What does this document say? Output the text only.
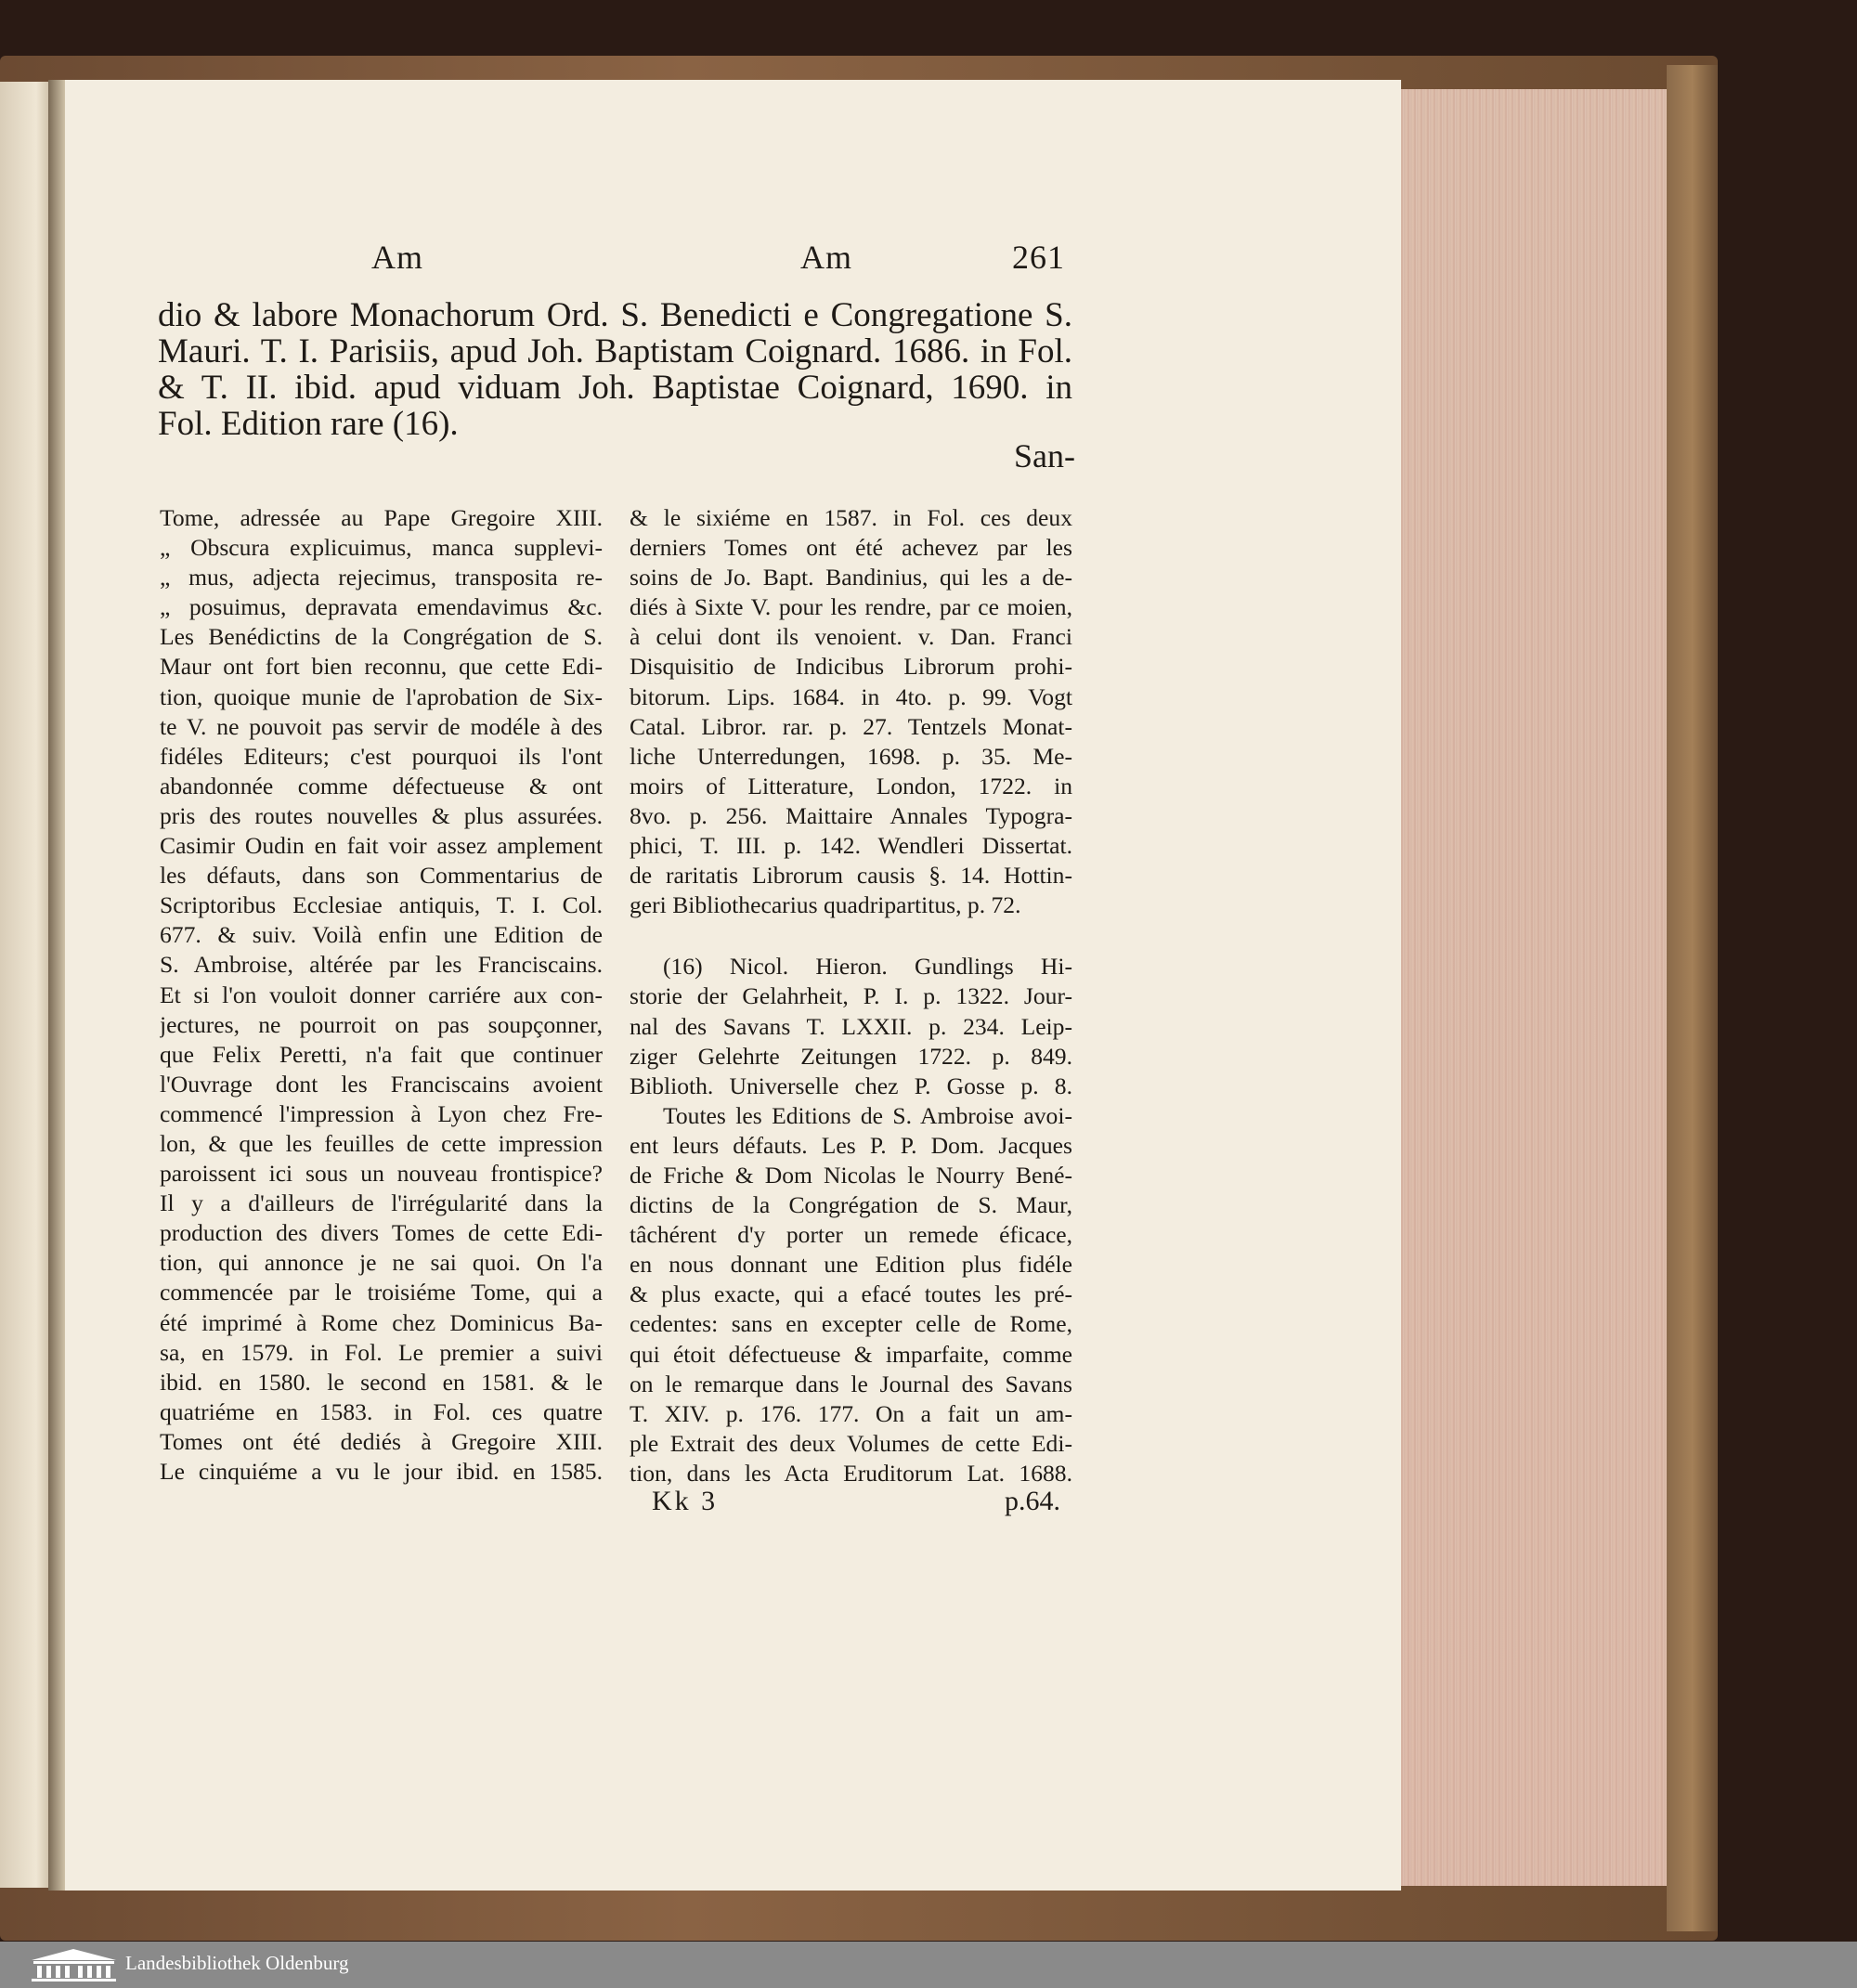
Am	Am	261
dio & labore Monachorum Ord. S. Benedicti e Congregatione S.
Mauri. T. I. Parisiis, apud Joh. Baptistam Coignard. 1686. in Fol.
& T. II. ibid. apud viduam Joh. Baptistae Coignard, 1690. in
Fol. Edition rare (16).
San-
Tome, adressée au Pape Gregoire XIII.
„ Obscura explicuimus, manca supplevi-
„ mus, adjecta rejecimus, transposita re-
„ posuimus, depravata emendavimus &c.
Les Benédictins de la Congrégation de S.
Maur ont fort bien reconnu, que cette Edi-
tion, quoique munie de l'aprobation de Six-
te V. ne pouvoit pas servir de modéle à des
fidéles Editeurs; c'est pourquoi ils l'ont
abandonnée comme défectueuse & ont
pris des routes nouvelles & plus assurées.
Casimir Oudin en fait voir assez amplement
les défauts, dans son Commentarius de
Scriptoribus Ecclesiae antiquis, T. I. Col.
677. & suiv. Voilà enfin une Edition de
S. Ambroise, altérée par les Franciscains.
Et si l'on vouloit donner carriére aux con-
jectures, ne pourroit on pas soupçonner,
que Felix Peretti, n'a fait que continuer
l'Ouvrage dont les Franciscains avoient
commencé l'impression à Lyon chez Fre-
lon, & que les feuilles de cette impression
paroissent ici sous un nouveau frontispice?
Il y a d'ailleurs de l'irrégularité dans la
production des divers Tomes de cette Edi-
tion, qui annonce je ne sai quoi. On l'a
commencée par le troisiéme Tome, qui a
été imprimé à Rome chez Dominicus Ba-
sa, en 1579. in Fol. Le premier a suivi
ibid. en 1580. le second en 1581. & le
quatriéme en 1583. in Fol. ces quatre
Tomes ont été dediés à Gregoire XIII.
Le cinquiéme a vu le jour ibid. en 1585.
& le sixiéme en 1587. in Fol. ces deux
derniers Tomes ont été achevez par les
soins de Jo. Bapt. Bandinius, qui les a de-
diés à Sixte V. pour les rendre, par ce moien,
à celui dont ils venoient. v. Dan. Franci
Disquisitio de Indicibus Librorum prohi-
bitorum. Lips. 1684. in 4to. p. 99. Vogt
Catal. Libror. rar. p. 27. Tentzels Monat-
liche Unterredungen, 1698. p. 35. Me-
moirs of Litterature, London, 1722. in
8vo. p. 256. Maittaire Annales Typogra-
phici, T. III. p. 142. Wendleri Dissertat.
de raritatis Librorum causis §. 14. Hottin-
geri Bibliothecarius quadripartitus, p. 72.
(16) Nicol. Hieron. Gundlings Hi-
storie der Gelahrheit, P. I. p. 1322. Jour-
nal des Savans T. LXXII. p. 234. Leip-
ziger Gelehrte Zeitungen 1722. p. 849.
Biblioth. Universelle chez P. Gosse p. 8.
Toutes les Editions de S. Ambroise avoi-
ent leurs défauts. Les P. P. Dom. Jacques
de Friche & Dom Nicolas le Nourry Bené-
dictins de la Congrégation de S. Maur,
tâchérent d'y porter un remede éficace,
en nous donnant une Edition plus fidéle
& plus exacte, qui a efacé toutes les pré-
cedentes: sans en excepter celle de Rome,
qui étoit défectueuse & imparfaite, comme
on le remarque dans le Journal des Savans
T. XIV. p. 176. 177. On a fait un am-
ple Extrait des deux Volumes de cette Edi-
tion, dans les Acta Eruditorum Lat. 1688.
Kk 3	p.64.
Landesbibliothek Oldenburg
